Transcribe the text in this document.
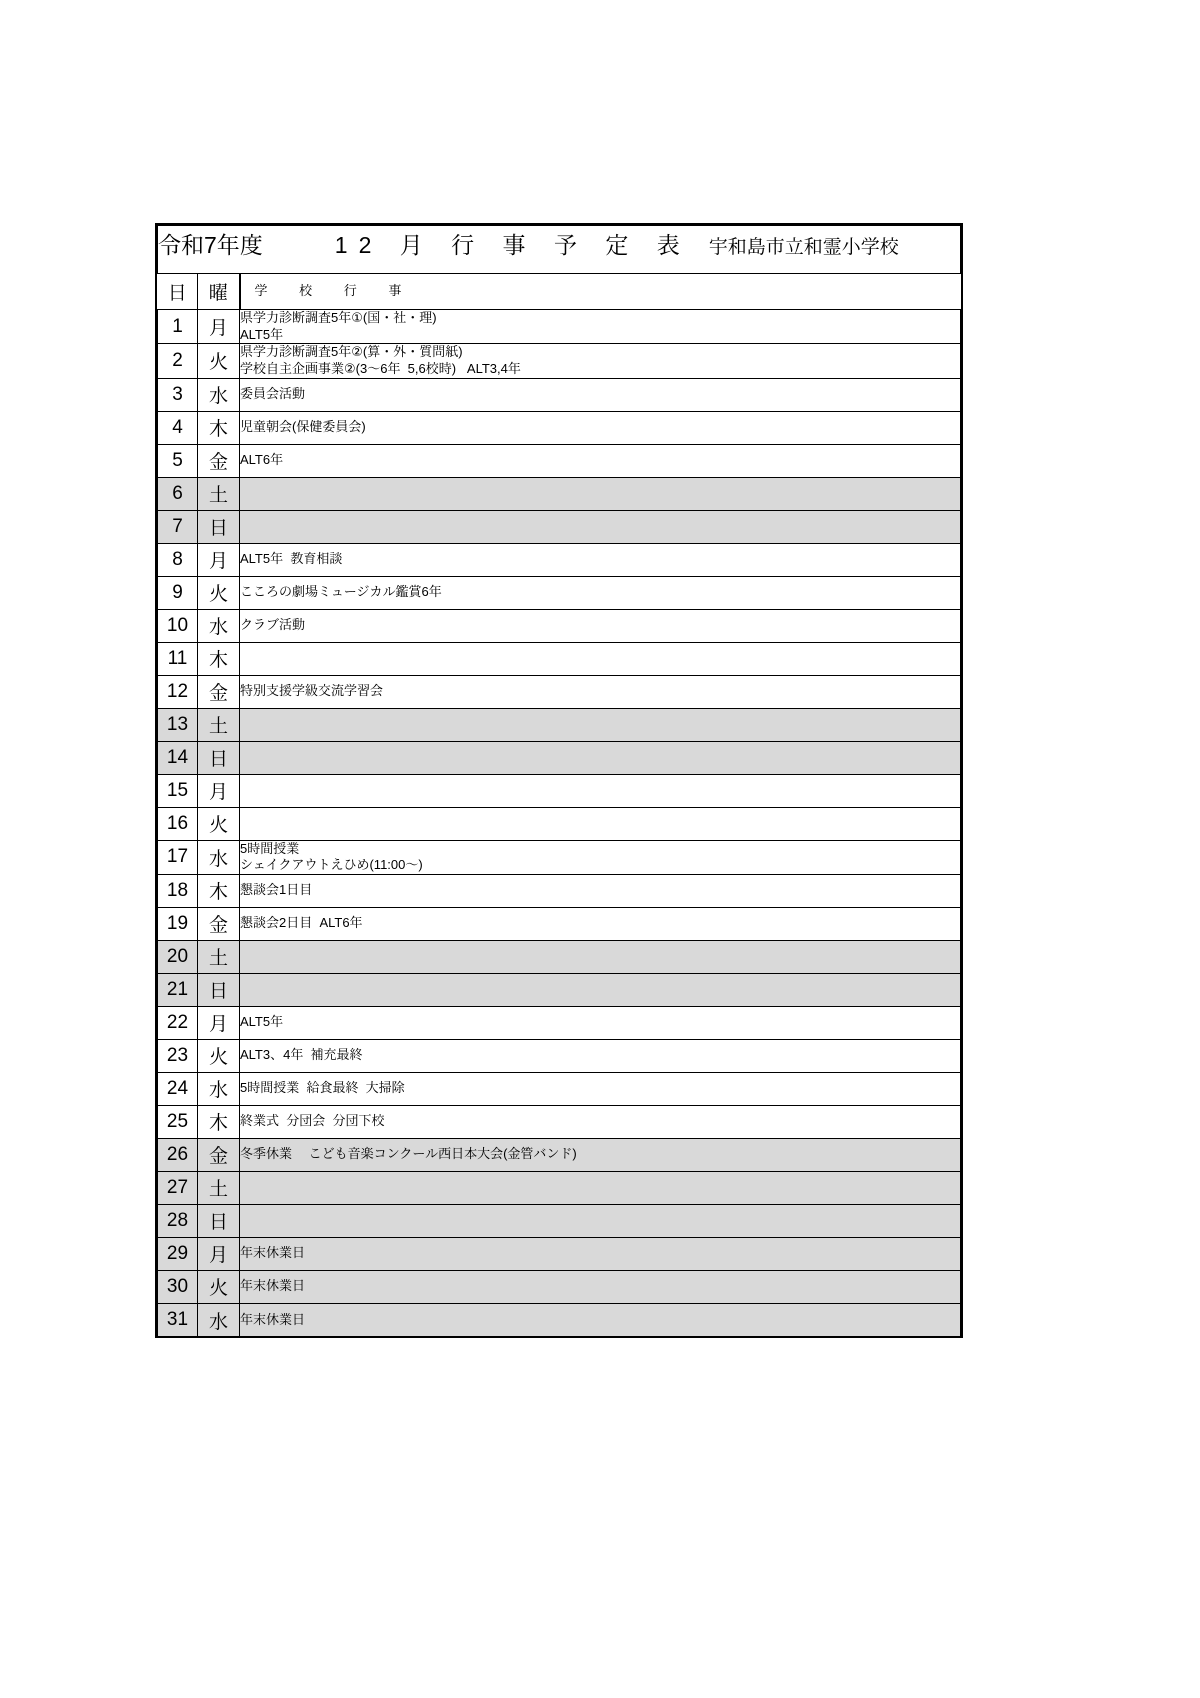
令和7年度 12 月 行 事 予 定 表 宇和島市立和霊小学校		

日	曜	学 校 行 事
1	月	県学力診断調査5年①(国・社・理)
ALT5年

2	火	県学力診断調査5年②(算・外・質問紙)
学校自主企画事業②(3〜6年  5,6校時)   ALT3,4年

3	水	委員会活動

4	木	児童朝会(保健委員会)

5	金	ALT6年

6	土	
7	日	
8	月	ALT5年  教育相談

9	火	こころの劇場ミュージカル鑑賞6年

10	水	クラブ活動

11	木	
12	金	特別支援学級交流学習会

13	土	
14	日	
15	月	
16	火	
17	水	5時間授業
シェイクアウトえひめ(11:00〜)

18	木	懇談会1日目

19	金	懇談会2日目  ALT6年

20	土	
21	日	
22	月	ALT5年

23	火	ALT3、4年  補充最終

24	水	5時間授業  給食最終  大掃除

25	木	終業式  分団会  分団下校

26	金	冬季休業　 こども音楽コンクール西日本大会(金管バンド)

27	土	
28	日	
29	月	年末休業日

30	火	年末休業日

31	水	年末休業日
